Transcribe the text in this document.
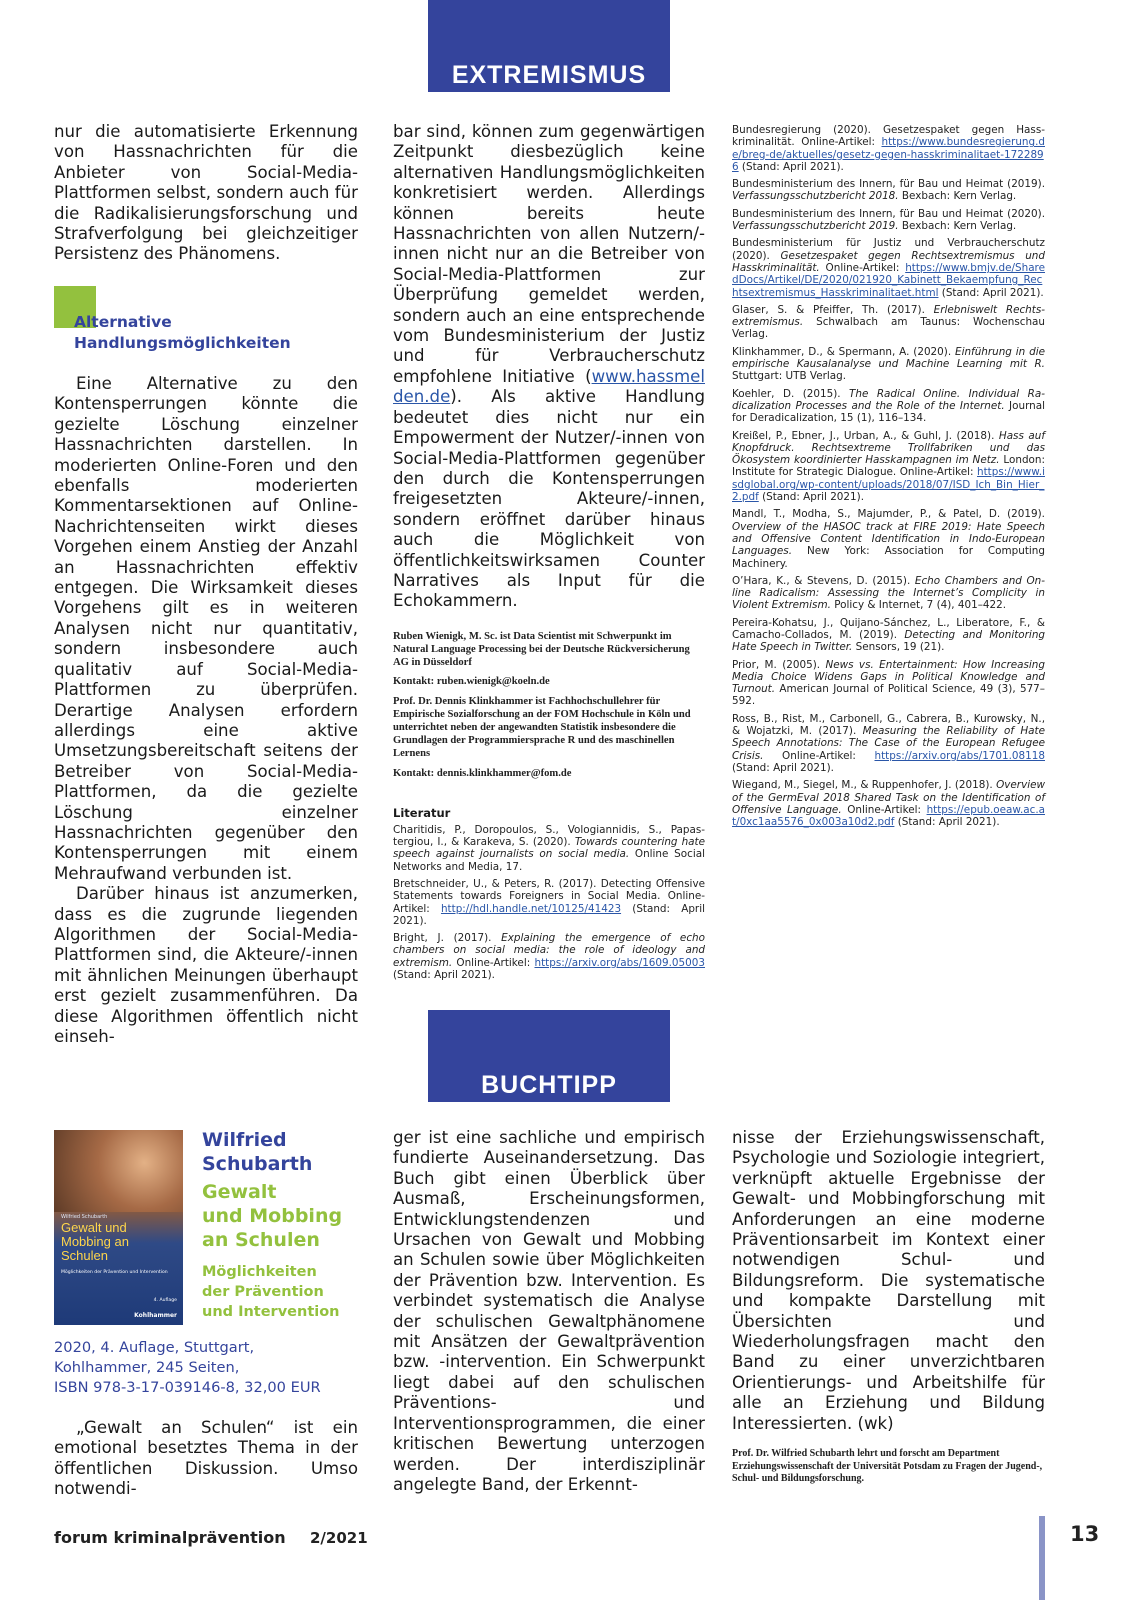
EXTREMISMUS
BUCHTIPP

nur die automatisierte Erkennung von Hassnachrichten für die Anbieter von Social-Media-Plattformen selbst, sondern auch für die Radikalisierungsforschung und Strafverfolgung bei gleichzeitiger Persistenz des Phänomens.

Alternative
Handlungsmöglichkeiten

Eine Alternative zu den Kontensperrungen könnte die gezielte Löschung einzelner Hassnachrichten darstellen. In moderierten Online-Foren und den ebenfalls moderierten Kommentarsektionen auf Online-Nachrichtenseiten wirkt dieses Vorgehen einem Anstieg der Anzahl an Hassnachrichten effektiv entgegen. Die Wirksamkeit dieses Vorgehens gilt es in weiteren Analysen nicht nur quantitativ, sondern insbesondere auch qualitativ auf Social-Media-Plattformen zu überprüfen. Derartige Analysen erfordern allerdings eine aktive Umsetzungsbereitschaft seitens der Betreiber von Social-Media-Plattformen, da die gezielte Löschung einzelner Hassnachrichten gegenüber den Kontensperrungen mit einem Mehraufwand verbunden ist.

Darüber hinaus ist anzumerken, dass es die zugrunde liegenden Algorithmen der Social-Media-Plattformen sind, die Akteure/-innen mit ähnlichen Meinungen überhaupt erst gezielt zusammenführen. Da diese Algorithmen öffentlich nicht einseh-

bar sind, können zum gegenwärtigen Zeitpunkt diesbezüglich keine alternativen Handlungsmöglichkeiten konkretisiert werden. Allerdings können bereits heute Hassnachrichten von allen Nutzern/-innen nicht nur an die Betreiber von Social-Media-Plattformen zur Überprüfung gemeldet werden, sondern auch an eine entsprechende vom Bundesministerium der Justiz und für Verbraucherschutz empfohlene Initiative (www.hassmelden.de). Als aktive Handlung bedeutet dies nicht nur ein Empowerment der Nutzer/-innen von Social-Media-Plattformen gegenüber den durch die Kontensperrungen freigesetzten Akteure/-innen, sondern eröffnet darüber hinaus auch die Möglichkeit von öffentlichkeitswirksamen Counter Narratives als Input für die Echokammern.

Ruben Wienigk, M. Sc. ist Data Scientist mit Schwerpunkt im Natural Language Processing bei der Deutsche Rückversicherung AG in Düsseldorf

Kontakt: ruben.wienigk@koeln.de

Prof. Dr. Dennis Klinkhammer ist Fachhochschullehrer für Empirische Sozialforschung an der FOM Hochschule in Köln und unterrichtet neben der angewandten Statistik insbesondere die Grundlagen der Programmiersprache R und des maschinellen Lernens

Kontakt: dennis.klinkhammer@fom.de

Literatur

Charitidis, P., Doropoulos, S., Vologiannidis, S., Papastergiou, I., & Karakeva, S. (2020). Towards countering hate speech against journalists on social media. Online Social Networks and Media, 17.

Bretschneider, U., & Peters, R. (2017). Detecting Offensive Statements towards Foreigners in Social Media. Online-Artikel: http://hdl.handle.net/10125/41423 (Stand: April 2021).

Bright, J. (2017). Explaining the emergence of echo chambers on social media: the role of ideology and extremism. Online-Artikel: https://arxiv.org/abs/1609.05003 (Stand: April 2021).

Bundesregierung (2020). Gesetzespaket gegen Hasskriminalität. Online-Artikel: https://www.bundesregierung.de/breg-de/aktuelles/gesetz-gegen-hasskriminalitaet-1722896 (Stand: April 2021).

Bundesministerium des Innern, für Bau und Heimat (2019). Verfassungsschutzbericht 2018. Bexbach: Kern Verlag.

Bundesministerium des Innern, für Bau und Heimat (2020). Verfassungsschutzbericht 2019. Bexbach: Kern Verlag.

Bundesministerium für Justiz und Verbraucherschutz (2020). Gesetzespaket gegen Rechtsextremismus und Hasskriminalität. Online-Artikel: https://www.bmjv.de/SharedDocs/Artikel/DE/2020/021920_Kabinett_Bekaempfung_Rechtsextremismus_Hasskriminalitaet.html (Stand: April 2021).

Glaser, S. & Pfeiffer, Th. (2017). Erlebniswelt Rechtsextremismus. Schwalbach am Taunus: Wochenschau Verlag.

Klinkhammer, D., & Spermann, A. (2020). Einführung in die empirische Kausalanalyse und Machine Learning mit R. Stuttgart: UTB Verlag.

Koehler, D. (2015). The Radical Online. Individual Radicalization Processes and the Role of the Internet. Journal for Deradicalization, 15 (1), 116–134.

Kreißel, P., Ebner, J., Urban, A., & Guhl, J. (2018). Hass auf Knopfdruck. Rechtsextreme Trollfabriken und das Ökosystem koordinierter Hasskampagnen im Netz. London: Institute for Strategic Dialogue. Online-Artikel: https://www.isdglobal.org/wp-content/uploads/2018/07/ISD_Ich_Bin_Hier_2.pdf (Stand: April 2021).

Mandl, T., Modha, S., Majumder, P., & Patel, D. (2019). Overview of the HASOC track at FIRE 2019: Hate Speech and Offensive Content Identification in Indo-European Languages. New York: Association for Computing Machinery.

O’Hara, K., & Stevens, D. (2015). Echo Chambers and Online Radicalism: Assessing the Internet’s Complicity in Violent Extremism. Policy & Internet, 7 (4), 401–422.

Pereira-Kohatsu, J., Quijano-Sánchez, L., Liberatore, F., & Camacho-Collados, M. (2019). Detecting and Monitoring Hate Speech in Twitter. Sensors, 19 (21).

Prior, M. (2005). News vs. Entertainment: How Increasing Media Choice Widens Gaps in Political Knowledge and Turnout. American Journal of Political Science, 49 (3), 577–592.

Ross, B., Rist, M., Carbonell, G., Cabrera, B., Kurowsky, N., & Wojatzki, M. (2017). Measuring the Reliability of Hate Speech Annotations: The Case of the European Refugee Crisis. Online-Artikel: https://arxiv.org/abs/1701.08118 (Stand: April 2021).

Wiegand, M., Siegel, M., & Ruppenhofer, J. (2018). Overview of the GermEval 2018 Shared Task on the Identification of Offensive Language. Online-Artikel: https://epub.oeaw.ac.at/0xc1aa5576_0x003a10d2.pdf (Stand: April 2021).

Wilfried Schubarth
Gewalt und Mobbing an Schulen
Möglichkeiten der Prävention und Intervention
4. Auflage
Kohlhammer
Wilfried Schubarth
Gewalt
und Mobbing
an Schulen
Möglichkeiten
der Prävention
und Intervention
2020, 4. Auflage, Stuttgart,
Kohlhammer, 245 Seiten,
ISBN 978-3-17-039146-8, 32,00 EUR

„Gewalt an Schulen“ ist ein emotional besetztes Thema in der öffentlichen Diskussion. Umso notwendi-

ger ist eine sachliche und empirisch fundierte Auseinandersetzung. Das Buch gibt einen Überblick über Ausmaß, Erscheinungsformen, Entwicklungstendenzen und Ursachen von Gewalt und Mobbing an Schulen sowie über Möglichkeiten der Prävention bzw. Intervention. Es verbindet systematisch die Analyse der schulischen Gewaltphänomene mit Ansätzen der Gewaltprävention bzw. -intervention. Ein Schwerpunkt liegt dabei auf den schulischen Präventions- und Interventionsprogrammen, die einer kritischen Bewertung unterzogen werden. Der interdisziplinär angelegte Band, der Erkennt-

nisse der Erziehungswissenschaft, Psychologie und Soziologie integriert, verknüpft aktuelle Ergebnisse der Gewalt- und Mobbingforschung mit Anforderungen an eine moderne Präventionsarbeit im Kontext einer notwendigen Schul- und Bildungsreform. Die systematische und kompakte Darstellung mit Übersichten und Wiederholungsfragen macht den Band zu einer unverzichtbaren Orientierungs- und Arbeitshilfe für alle an Erziehung und Bildung Interessierten. (wk)

Prof. Dr. Wilfried Schubarth lehrt und forscht am Department Erziehungswissenschaft der Universität Potsdam zu Fragen der Jugend-, Schul- und Bildungsforschung.
forum kriminalprävention 2/2021	13
